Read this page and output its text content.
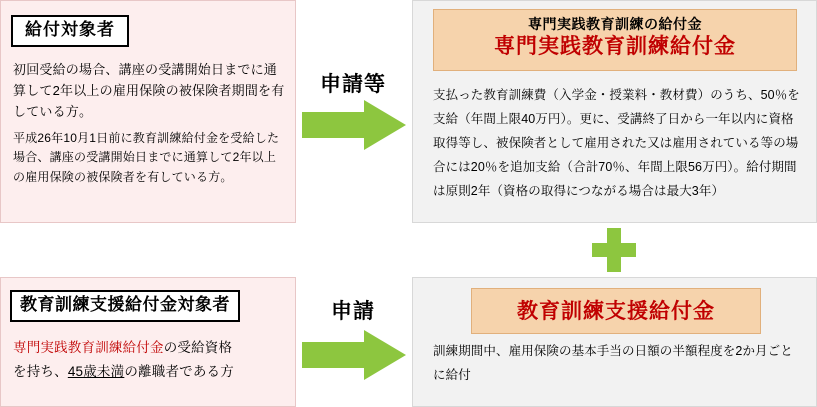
給付対象者
初回受給の場合、講座の受講開始日までに通算して2年以上の雇用保険の被保険者期間を有している方。
平成26年10月1日前に教育訓練給付金を受給した場合、講座の受講開始日までに通算して2年以上の雇用保険の被保険者を有している方。
申請等
専門実践教育訓練の給付金
専門実践教育訓練給付金
支払った教育訓練費（入学金・授業料・教材費）のうち、50％を支給（年間上限40万円）。更に、受講終了日から一年以内に資格取得等し、被保険者として雇用された又は雇用されている等の場合には20％を追加支給（合計70％、年間上限56万円）。給付期間は原則2年（資格の取得につながる場合は最大3年）
教育訓練支援給付金対象者
専門実践教育訓練給付金の受給資格
を持ち、45歳未満の離職者である方
申請	教育訓練支援給付金
訓練期間中、雇用保険の基本手当の日額の半額程度を2か月ごとに給付
